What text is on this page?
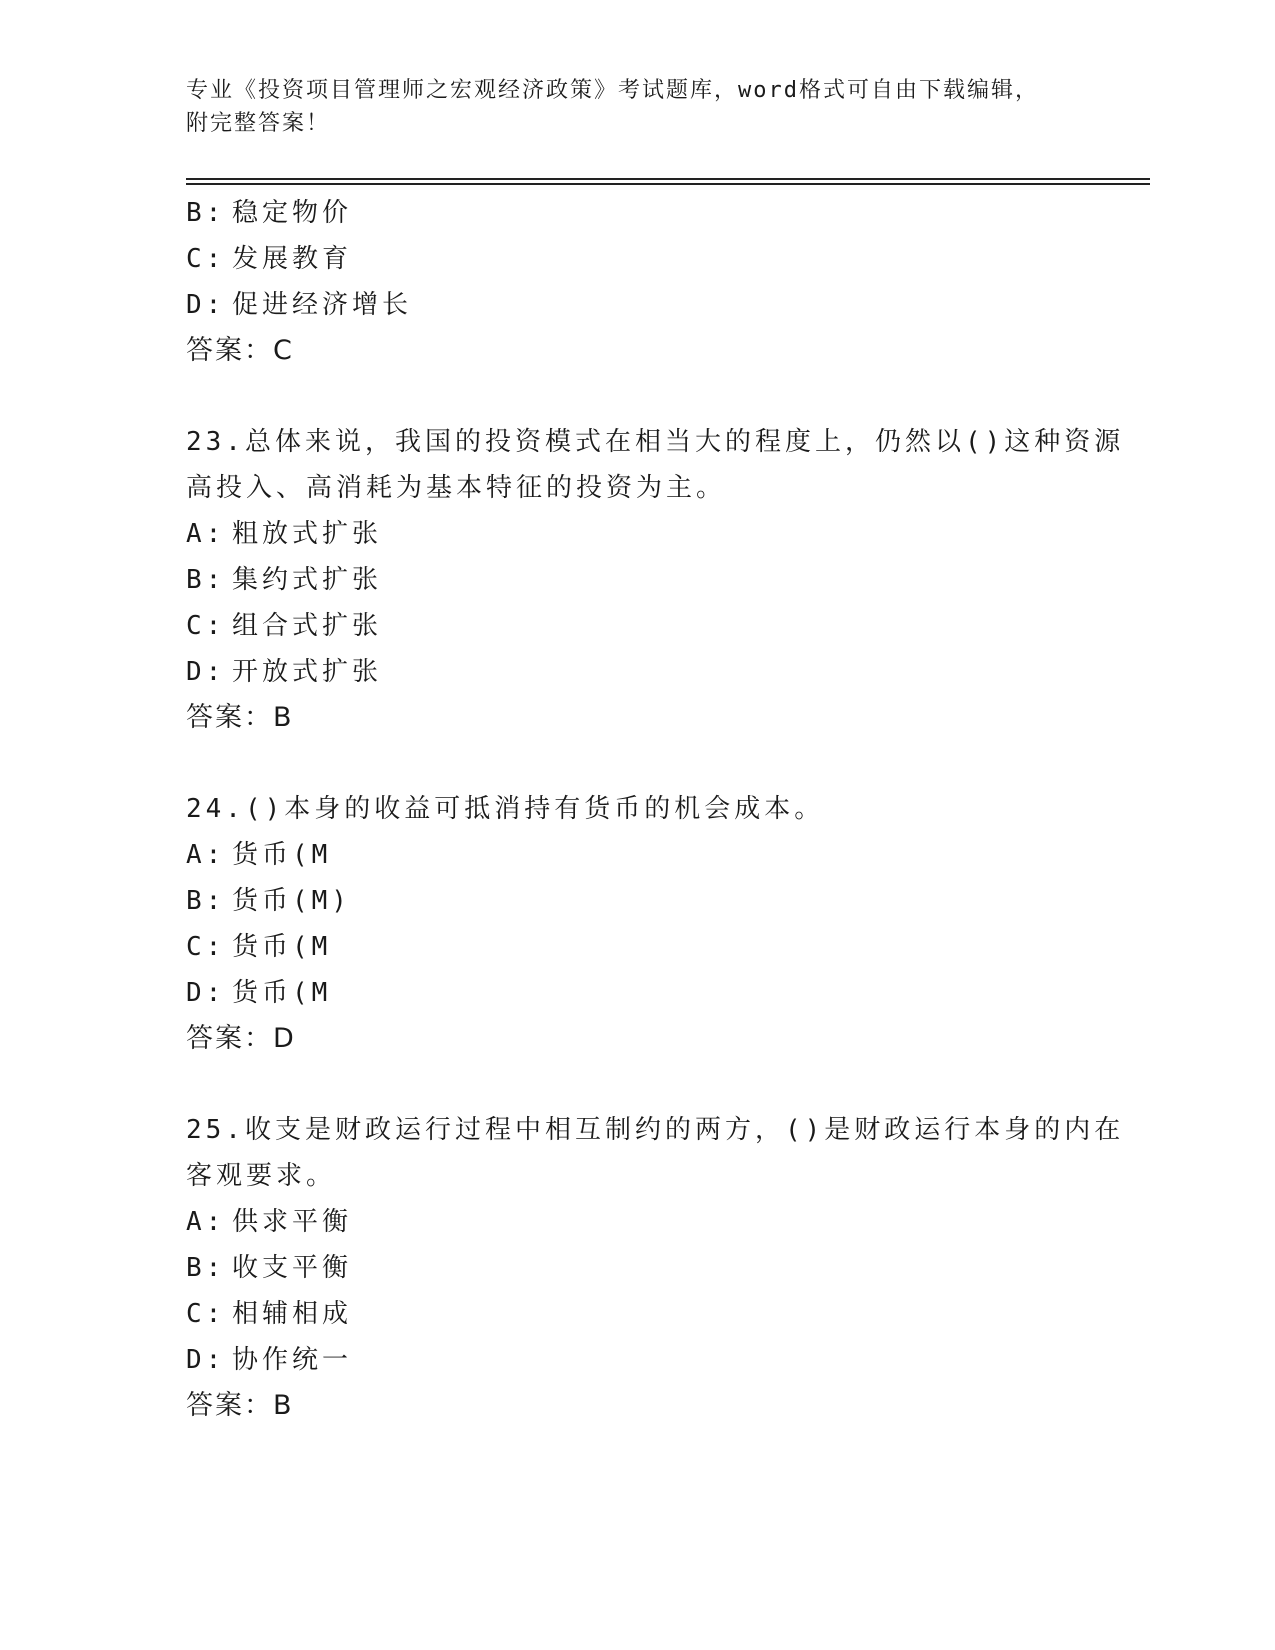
专业《投资项目管理师之宏观经济政策》考试题库，word格式可自由下载编辑，
附完整答案！
B: 稳定物价
C: 发展教育
D: 促进经济增长
答案：C
23.总体来说，我国的投资模式在相当大的程度上，仍然以()这种资源
高投入、高消耗为基本特征的投资为主。
A: 粗放式扩张
B: 集约式扩张
C: 组合式扩张
D: 开放式扩张
答案：B
24.()本身的收益可抵消持有货币的机会成本。
A: 货币(M
B: 货币(M)
C: 货币(M
D: 货币(M
答案：D
25.收支是财政运行过程中相互制约的两方，()是财政运行本身的内在
客观要求。
A: 供求平衡
B: 收支平衡
C: 相辅相成
D: 协作统一
答案：B
